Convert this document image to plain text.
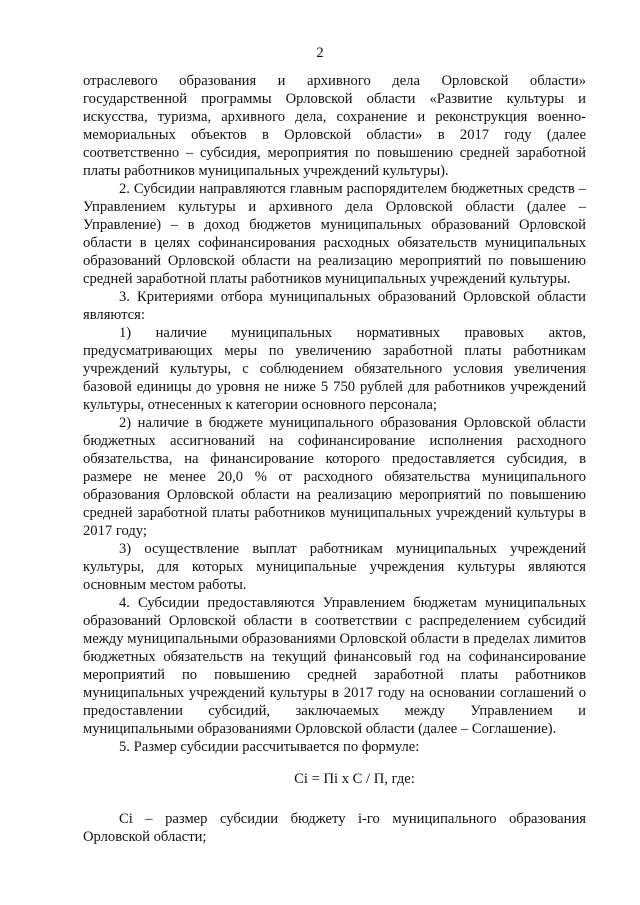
2

отраслевого образования и архивного дела Орловской области» государственной программы Орловской области «Развитие культуры и искусства, туризма, архивного дела, сохранение и реконструкция военно-мемориальных объектов в Орловской области» в 2017 году (далее соответственно – субсидия, мероприятия по повышению средней заработной платы работников муниципальных учреждений культуры).

2. Субсидии направляются главным распорядителем бюджетных средств – Управлением культуры и архивного дела Орловской области (далее – Управление) – в доход бюджетов муниципальных образований Орловской области в целях софинансирования расходных обязательств муниципальных образований Орловской области на реализацию мероприятий по повышению средней заработной платы работников муниципальных учреждений культуры.

3. Критериями отбора муниципальных образований Орловской области являются:

1) наличие муниципальных нормативных правовых актов, предусматривающих меры по увеличению заработной платы работникам учреждений культуры, с соблюдением обязательного условия увеличения базовой единицы до уровня не ниже 5 750 рублей для работников учреждений культуры, отнесенных к категории основного персонала;

2) наличие в бюджете муниципального образования Орловской области бюджетных ассигнований на софинансирование исполнения расходного обязательства, на финансирование которого предоставляется субсидия, в размере не менее 20,0 % от расходного обязательства муниципального образования Орловской области на реализацию мероприятий по повышению средней заработной платы работников муниципальных учреждений культуры в 2017 году;

3) осуществление выплат работникам муниципальных учреждений культуры, для которых муниципальные учреждения культуры являются основным местом работы.

4. Субсидии предоставляются Управлением бюджетам муниципальных образований Орловской области в соответствии с распределением субсидий между муниципальными образованиями Орловской области в пределах лимитов бюджетных обязательств на текущий финансовый год на софинансирование мероприятий по повышению средней заработной платы работников муниципальных учреждений культуры в 2017 году на основании соглашений о предоставлении субсидий, заключаемых между Управлением и муниципальными образованиями Орловской области (далее – Соглашение).

5. Размер субсидии рассчитывается по формуле:

Сi = Пi х С / П, где:

Сi – размер субсидии бюджету i-го муниципального образования Орловской области;
